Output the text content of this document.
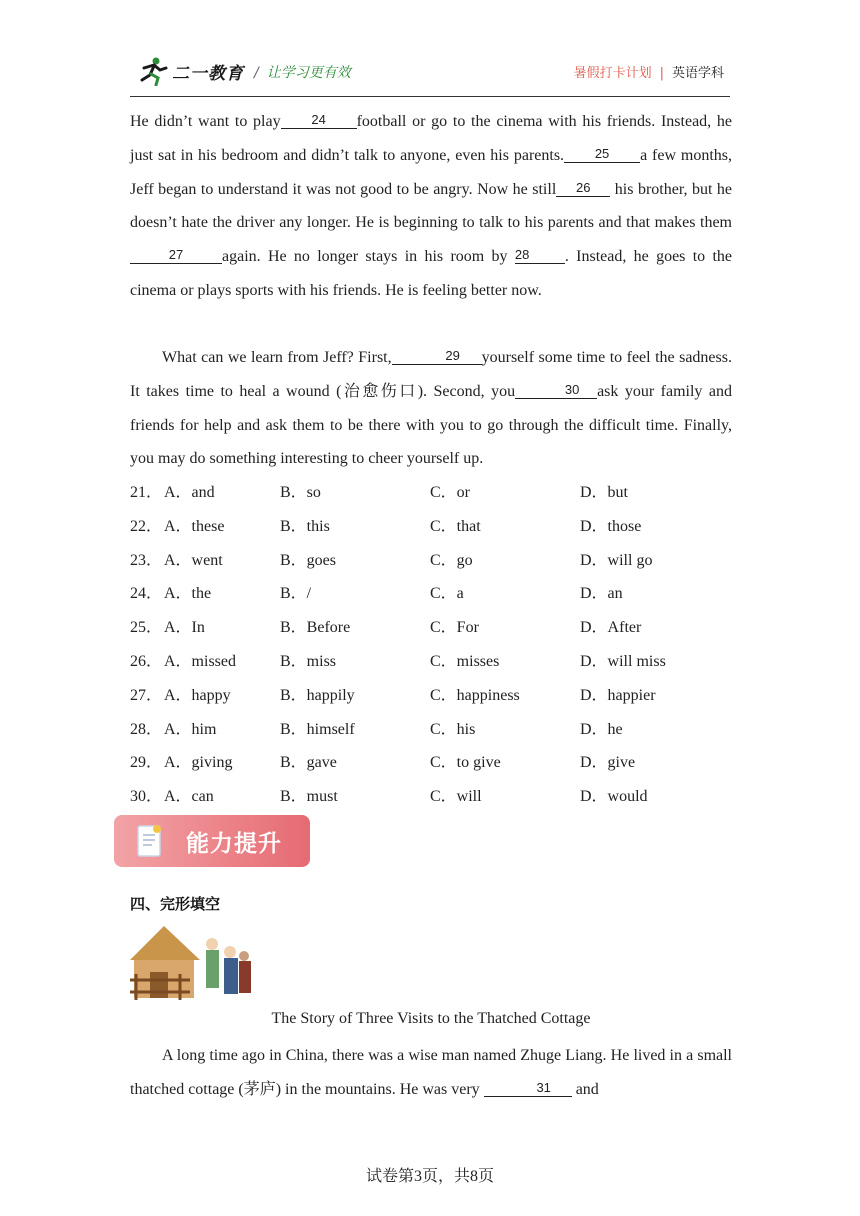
二一教育 / 让学习更有效	暑假打卡计划 | 英语学科
He didn’t want to play 24 football or go to the cinema with his friends. Instead, he just sat in his bedroom and didn’t talk to anyone, even his parents. 25 a few months, Jeff began to understand it was not good to be angry. Now he still 26 his brother, but he doesn’t hate the driver any longer. He is beginning to talk to his parents and that makes them27 again. He no longer stays in his room by 28 . Instead, he goes to the cinema or plays sports with his friends. He is feeling better now.
What can we learn from Jeff? First,	29 yourself some time to feel the sadness. It takes time to heal a wound (治愈伤口). Second, you	30 ask your family and friends for help and ask them to be there with you to go through the difficult time. Finally, you may do something interesting to cheer yourself up.
21． A．and	B．so	C．or	D．but
22． A．these	B．this	C．that	D．those
23． A．went	B．goes	C．go	D．will go
24． A．the	B．/	C．a	D．an
25． A．In	B．Before	C．For	D．After
26． A．missed	B．miss	C．misses	D．will miss
27． A．happy	B．happily	C．happiness	D．happier
28． A．him	B．himself	C．his	D．he
29． A．giving	B．gave	C．to give	D．give
30． A．can	B．must	C．will	D．would
能力提升
四、完形填空
The Story of Three Visits to the Thatched Cottage
A long time ago in China, there was a wise man named Zhuge Liang. He lived in a small thatched cottage (茅庐) in the mountains. He was very	31 and
试卷第3页，共8页
